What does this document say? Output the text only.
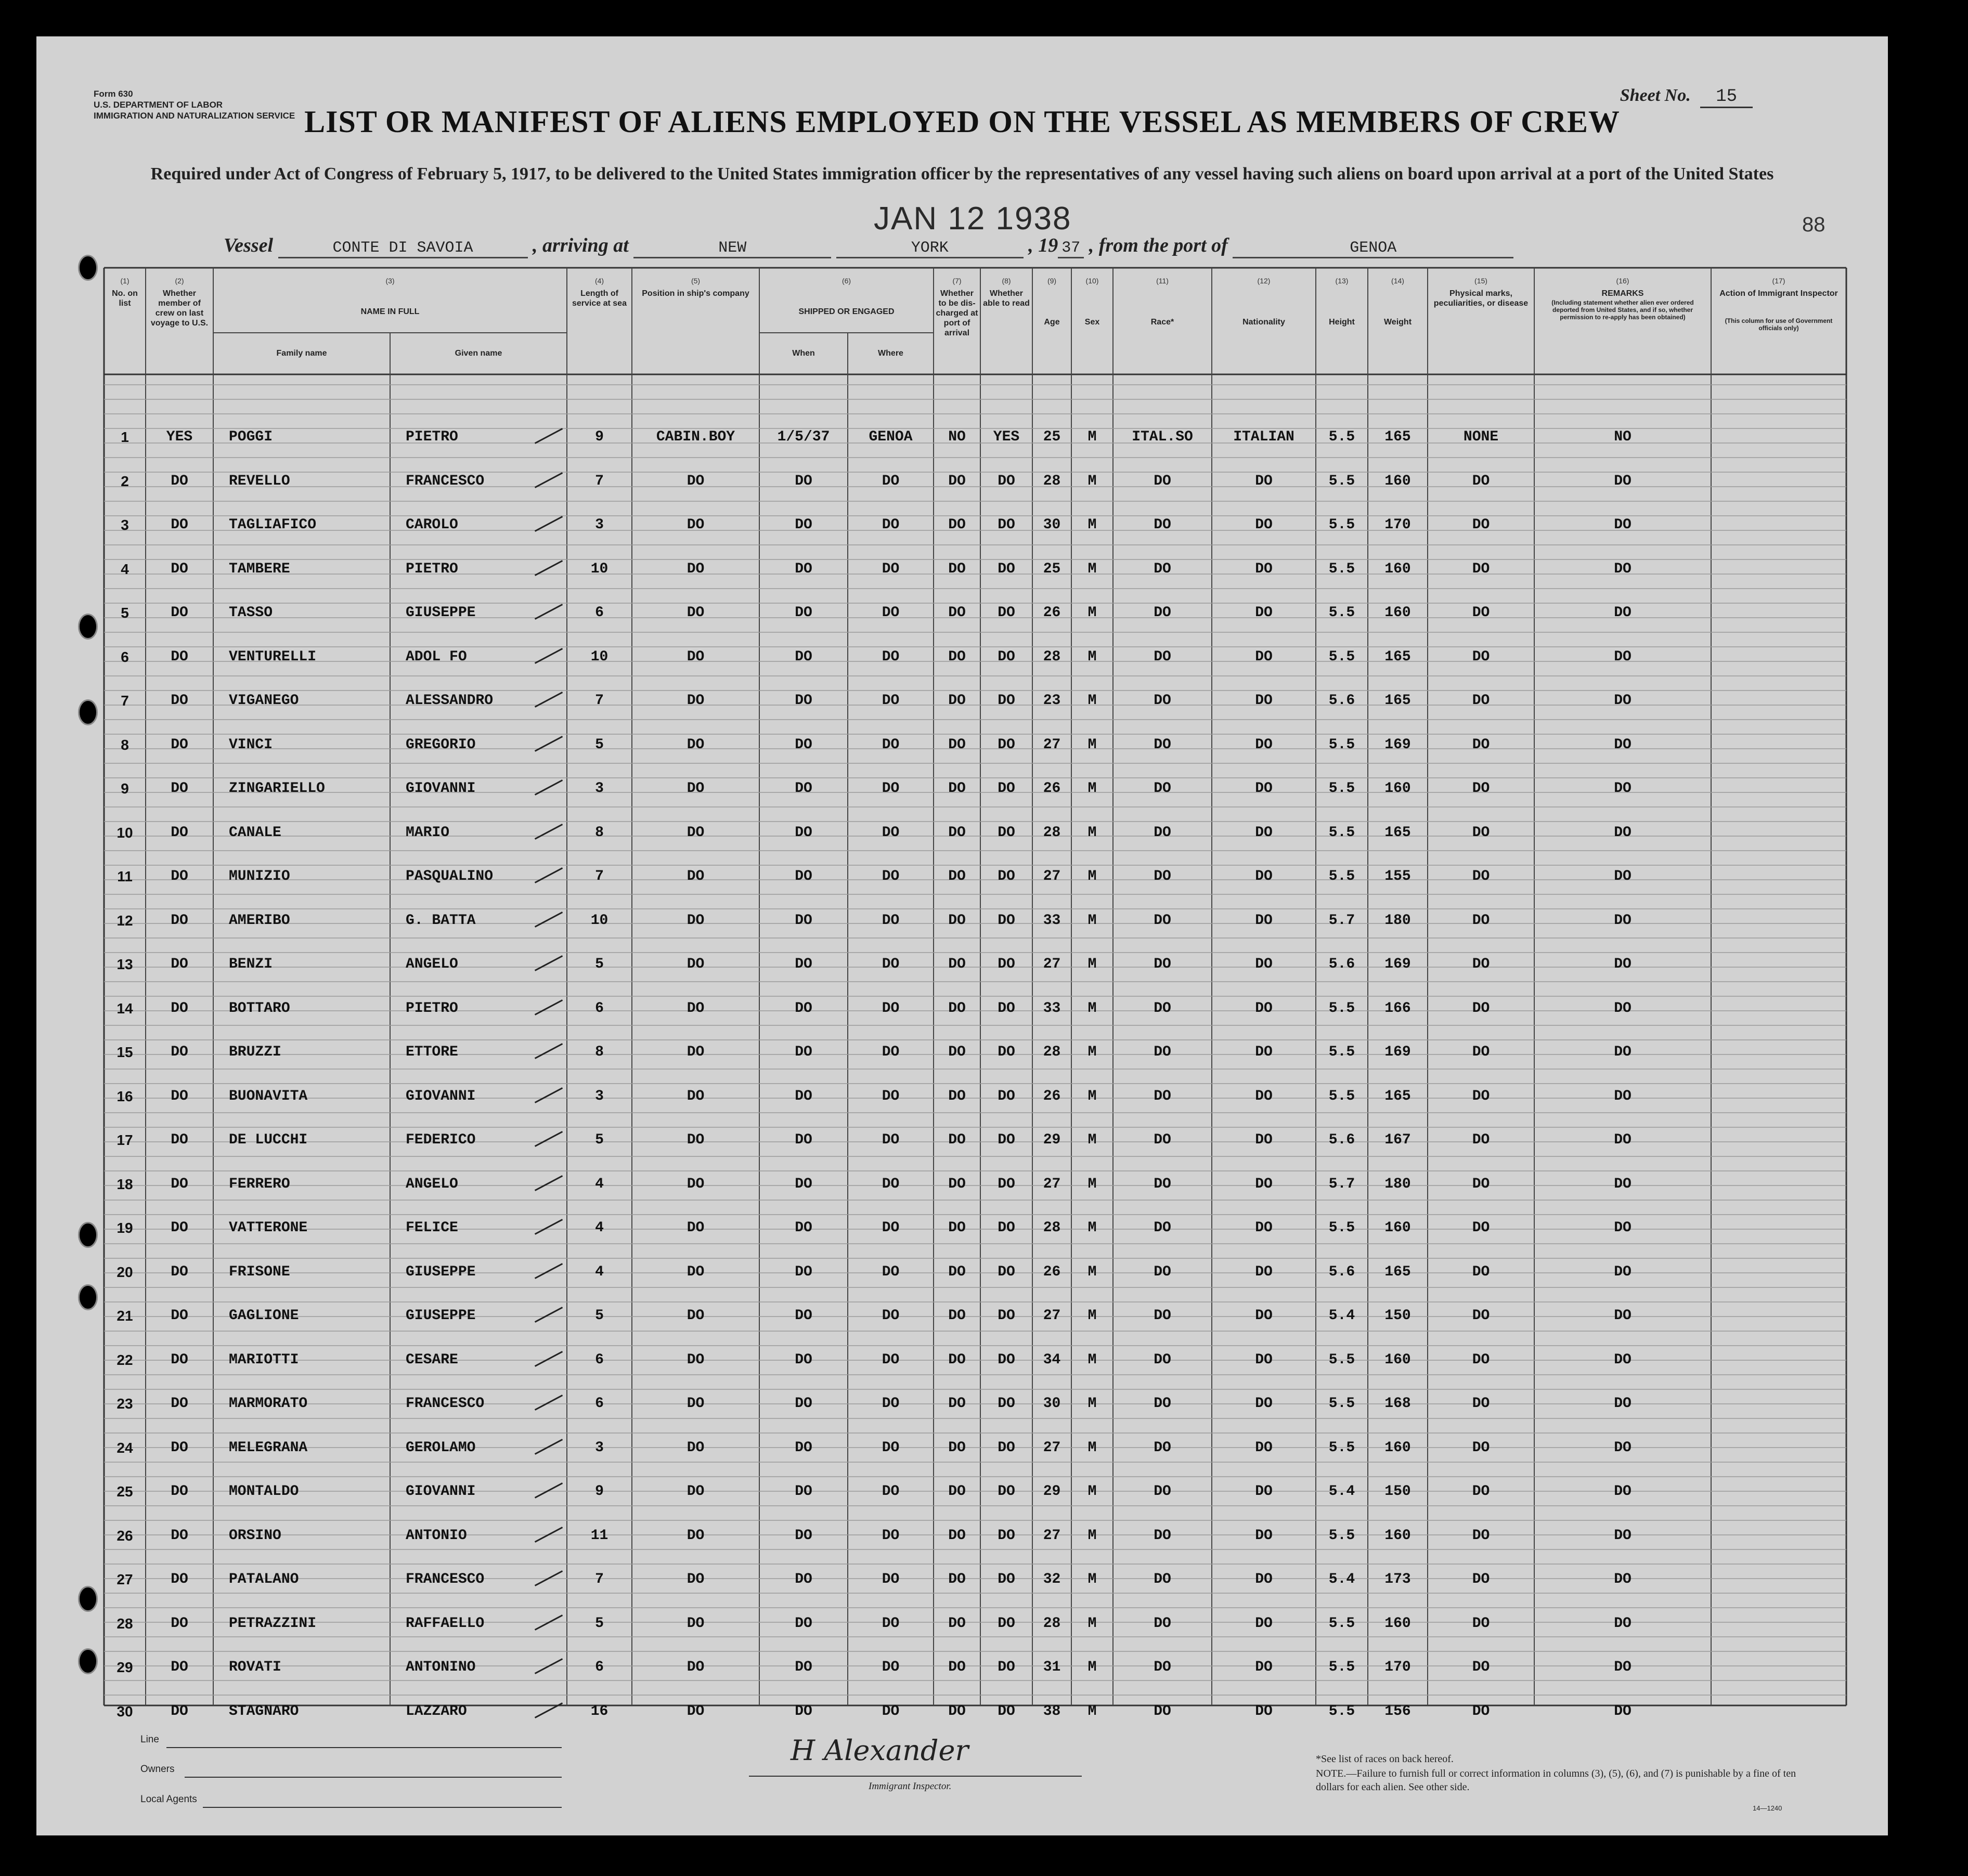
Form 630
U.S. DEPARTMENT OF LABOR
IMMIGRATION AND NATURALIZATION SERVICE
Sheet No. 15
LIST OR MANIFEST OF ALIENS EMPLOYED ON THE VESSEL AS MEMBERS OF CREW
Required under Act of Congress of February 5, 1917, to be delivered to the United States immigration officer by the representatives of any vessel having such aliens on board upon arrival at a port of the United States
JAN 12 1938	88
Vessel	CONTE DI SAVOIA	, arriving at	NEW	YORK	, 19 37 , from the port of	GENOA
(1)
No. on list
(2)
Whether member of crew on last voyage to U.S.
(3)
NAME IN FULL
(4)
Length of service at sea
(5)
Position in ship's company
(6)
SHIPPED OR ENGAGED
(7)
Whether to be dis-charged at port of arrival
(8)
Whether able to read
(9)
Age
(10)
Sex
(11)
Race*
(12)
Nationality
(13)
Height
(14)
Weight
(15)
Physical marks, peculiarities, or disease
(16)
REMARKS
(17)
Action of Immigrant Inspector
Family name	Given name	When	Where
(Including statement whether alien ever ordered deported from United States, and if so, whether permission to re-apply has been obtained)	(This column for use of Government officials only)
1	YES	POGGI	PIETRO	9	CABIN.BOY	1/5/37	GENOA	NO	YES	25	M	ITAL.SO	ITALIAN	5.5	165	NONE	NO
2	DO	REVELLO	FRANCESCO	7	DO	DO	DO	DO	DO	28	M	DO	DO	5.5	160	DO	DO
3	DO	TAGLIAFICO	CAROLO	3	DO	DO	DO	DO	DO	30	M	DO	DO	5.5	170	DO	DO
4	DO	TAMBERE	PIETRO	10	DO	DO	DO	DO	DO	25	M	DO	DO	5.5	160	DO	DO
5	DO	TASSO	GIUSEPPE	6	DO	DO	DO	DO	DO	26	M	DO	DO	5.5	160	DO	DO
6	DO	VENTURELLI	ADOL FO	10	DO	DO	DO	DO	DO	28	M	DO	DO	5.5	165	DO	DO
7	DO	VIGANEGO	ALESSANDRO	7	DO	DO	DO	DO	DO	23	M	DO	DO	5.6	165	DO	DO
8	DO	VINCI	GREGORIO	5	DO	DO	DO	DO	DO	27	M	DO	DO	5.5	169	DO	DO
9	DO	ZINGARIELLO	GIOVANNI	3	DO	DO	DO	DO	DO	26	M	DO	DO	5.5	160	DO	DO
10	DO	CANALE	MARIO	8	DO	DO	DO	DO	DO	28	M	DO	DO	5.5	165	DO	DO
11	DO	MUNIZIO	PASQUALINO	7	DO	DO	DO	DO	DO	27	M	DO	DO	5.5	155	DO	DO
12	DO	AMERIBO	G. BATTA	10	DO	DO	DO	DO	DO	33	M	DO	DO	5.7	180	DO	DO
13	DO	BENZI	ANGELO	5	DO	DO	DO	DO	DO	27	M	DO	DO	5.6	169	DO	DO
14	DO	BOTTARO	PIETRO	6	DO	DO	DO	DO	DO	33	M	DO	DO	5.5	166	DO	DO
15	DO	BRUZZI	ETTORE	8	DO	DO	DO	DO	DO	28	M	DO	DO	5.5	169	DO	DO
16	DO	BUONAVITA	GIOVANNI	3	DO	DO	DO	DO	DO	26	M	DO	DO	5.5	165	DO	DO
17	DO	DE LUCCHI	FEDERICO	5	DO	DO	DO	DO	DO	29	M	DO	DO	5.6	167	DO	DO
18	DO	FERRERO	ANGELO	4	DO	DO	DO	DO	DO	27	M	DO	DO	5.7	180	DO	DO
19	DO	VATTERONE	FELICE	4	DO	DO	DO	DO	DO	28	M	DO	DO	5.5	160	DO	DO
20	DO	FRISONE	GIUSEPPE	4	DO	DO	DO	DO	DO	26	M	DO	DO	5.6	165	DO	DO
21	DO	GAGLIONE	GIUSEPPE	5	DO	DO	DO	DO	DO	27	M	DO	DO	5.4	150	DO	DO
22	DO	MARIOTTI	CESARE	6	DO	DO	DO	DO	DO	34	M	DO	DO	5.5	160	DO	DO
23	DO	MARMORATO	FRANCESCO	6	DO	DO	DO	DO	DO	30	M	DO	DO	5.5	168	DO	DO
24	DO	MELEGRANA	GEROLAMO	3	DO	DO	DO	DO	DO	27	M	DO	DO	5.5	160	DO	DO
25	DO	MONTALDO	GIOVANNI	9	DO	DO	DO	DO	DO	29	M	DO	DO	5.4	150	DO	DO
26	DO	ORSINO	ANTONIO	11	DO	DO	DO	DO	DO	27	M	DO	DO	5.5	160	DO	DO
27	DO	PATALANO	FRANCESCO	7	DO	DO	DO	DO	DO	32	M	DO	DO	5.4	173	DO	DO
28	DO	PETRAZZINI	RAFFAELLO	5	DO	DO	DO	DO	DO	28	M	DO	DO	5.5	160	DO	DO
29	DO	ROVATI	ANTONINO	6	DO	DO	DO	DO	DO	31	M	DO	DO	5.5	170	DO	DO
30	DO	STAGNARO	LAZZARO	16	DO	DO	DO	DO	DO	38	M	DO	DO	5.5	156	DO	DO
Line
Owners
Local Agents
H Alexander
Immigrant Inspector.
*See list of races on back hereof.
NOTE.—Failure to furnish full or correct information in columns (3), (5), (6), and (7) is punishable by a fine of ten dollars for each alien. See other side.
14—1240
